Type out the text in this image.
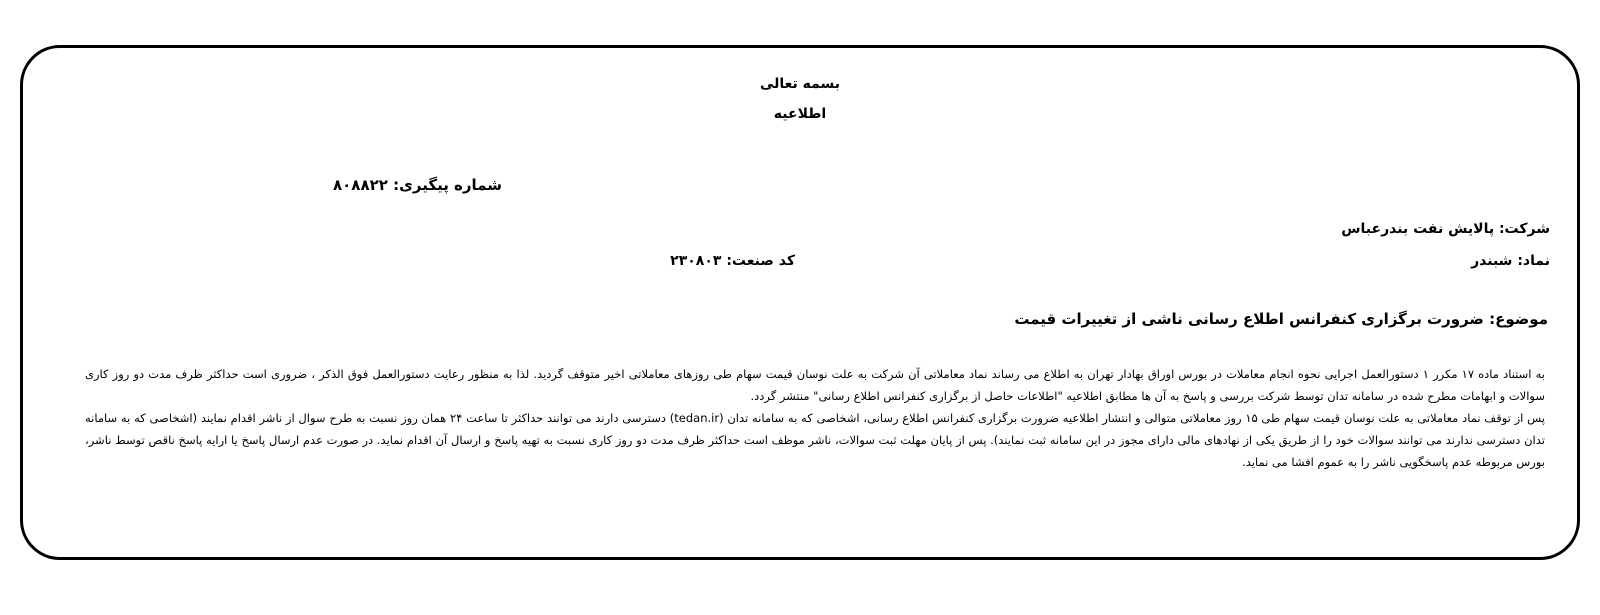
بسمه تعالی
اطلاعیه
شماره پیگیری: ۸۰۸۸۲۲
شرکت: پالایش نفت بندرعباس
نماد: شبندر
کد صنعت: ۲۳۰۸۰۳
موضوع: ضرورت برگزاری کنفرانس اطلاع رسانی ناشی از تغییرات قیمت

به استناد ماده ۱۷ مکرر ۱ دستورالعمل اجرایی نحوه انجام معاملات در بورس اوراق بهادار تهران به اطلاع می رساند نماد معاملاتی آن شرکت به علت نوسان قیمت سهام طی روزهای معاملاتی اخیر متوقف گردید. لذا به منظور رعایت دستورالعمل فوق الذکر ، ضروری است حداکثر ظرف مدت دو روز کاری سوالات و ابهامات مطرح شده در سامانه تدان توسط شرکت بررسی و پاسخ به آن ها مطابق اطلاعیه "اطلاعات حاصل از برگزاری کنفرانس اطلاع رسانی" منتشر گردد.

پس از توقف نماد معاملاتی به علت نوسان قیمت سهام طی ۱۵ روز معاملاتی متوالی و انتشار اطلاعیه ضرورت برگزاری کنفرانس اطلاع رسانی، اشخاصی که به سامانه تدان (tedan.ir) دسترسی دارند می توانند حداکثر تا ساعت ۲۴ همان روز نسبت به طرح سوال از ناشر اقدام نمایند (اشخاصی که به سامانه تدان دسترسی ندارند می توانند سوالات خود را از طریق یکی از نهادهای مالی دارای مجوز در این سامانه ثبت نمایند). پس از پایان مهلت ثبت سوالات، ناشر موظف است حداکثر ظرف مدت دو روز کاری نسبت به تهیه پاسخ و ارسال آن اقدام نماید. در صورت عدم ارسال پاسخ یا ارایه پاسخ ناقص توسط ناشر، بورس مربوطه عدم پاسخگویی ناشر را به عموم افشا می نماید.
